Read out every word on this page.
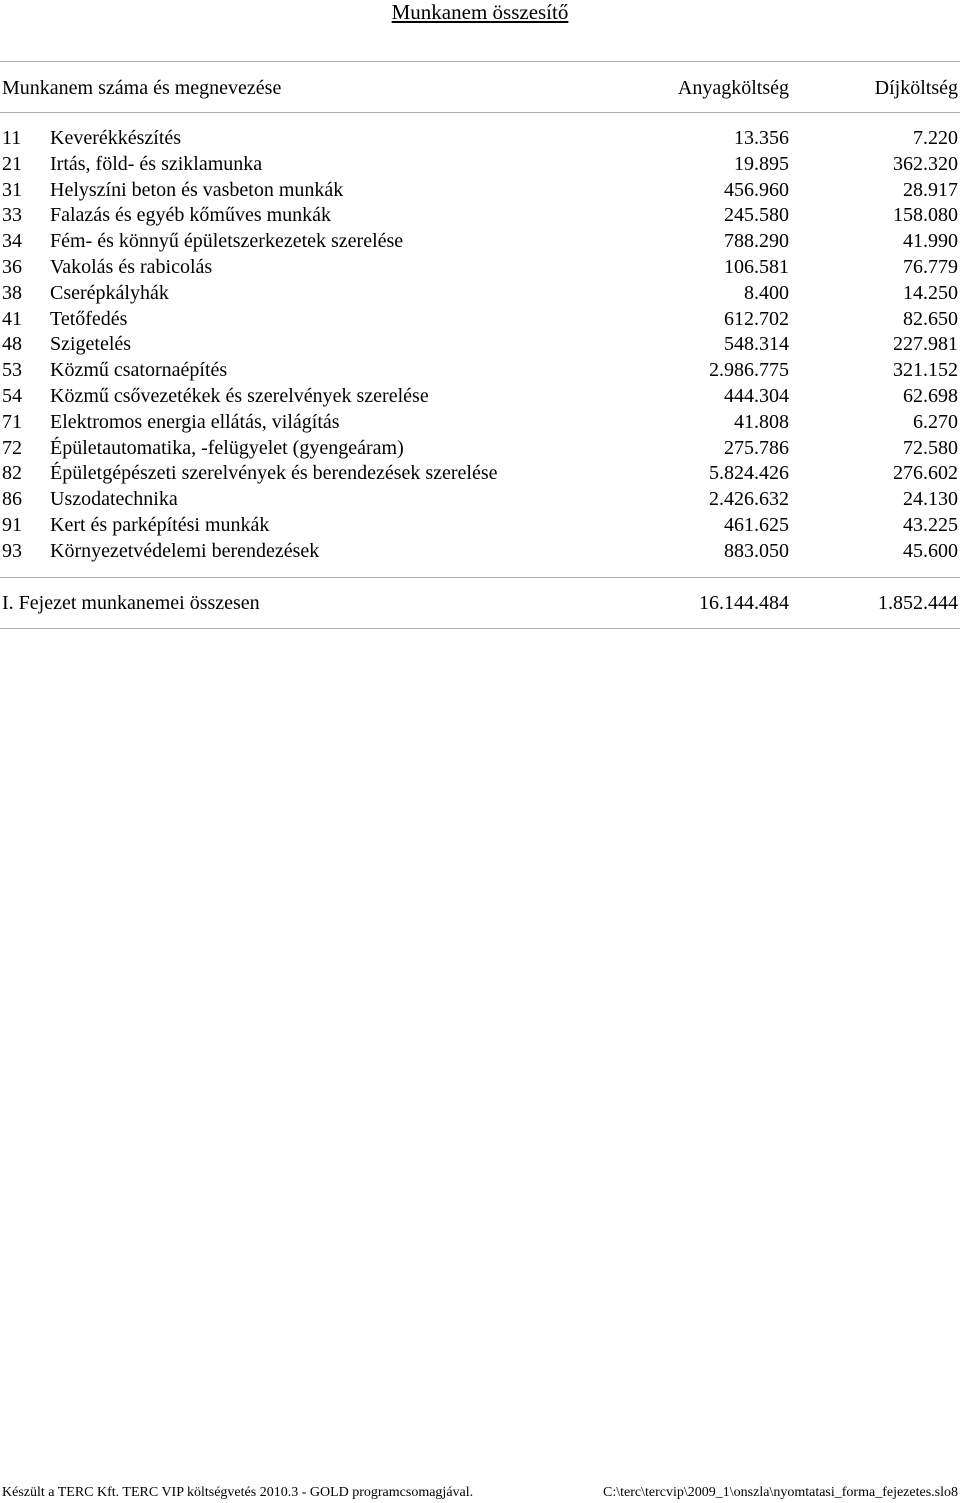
Munkanem összesítő
Munkanem száma és megnevezése	Anyagköltség	Díjköltség
11 Keverékkészítés	13.356	7.220
21 Irtás, föld- és sziklamunka	19.895	362.320
31 Helyszíni beton és vasbeton munkák	456.960	28.917
33 Falazás és egyéb kőműves munkák	245.580	158.080
34 Fém- és könnyű épületszerkezetek szerelése	788.290	41.990
36 Vakolás és rabicolás	106.581	76.779
38 Cserépkályhák	8.400	14.250
41 Tetőfedés	612.702	82.650
48 Szigetelés	548.314	227.981
53 Közmű csatornaépítés	2.986.775	321.152
54 Közmű csővezetékek és szerelvények szerelése	444.304	62.698
71 Elektromos energia ellátás, világítás	41.808	6.270
72 Épületautomatika, -felügyelet (gyengeáram)	275.786	72.580
82 Épületgépészeti szerelvények és berendezések szerelése	5.824.426	276.602
86 Uszodatechnika	2.426.632	24.130
91 Kert és parképítési munkák	461.625	43.225
93 Környezetvédelemi berendezések	883.050	45.600
I. Fejezet munkanemei összesen	16.144.484	1.852.444
Készült a TERC Kft. TERC VIP költségvetés 2010.3 - GOLD programcsomagjával.	C:\terc\tercvip\2009_1\onszla\nyomtatasi_forma_fejezetes.slo8
